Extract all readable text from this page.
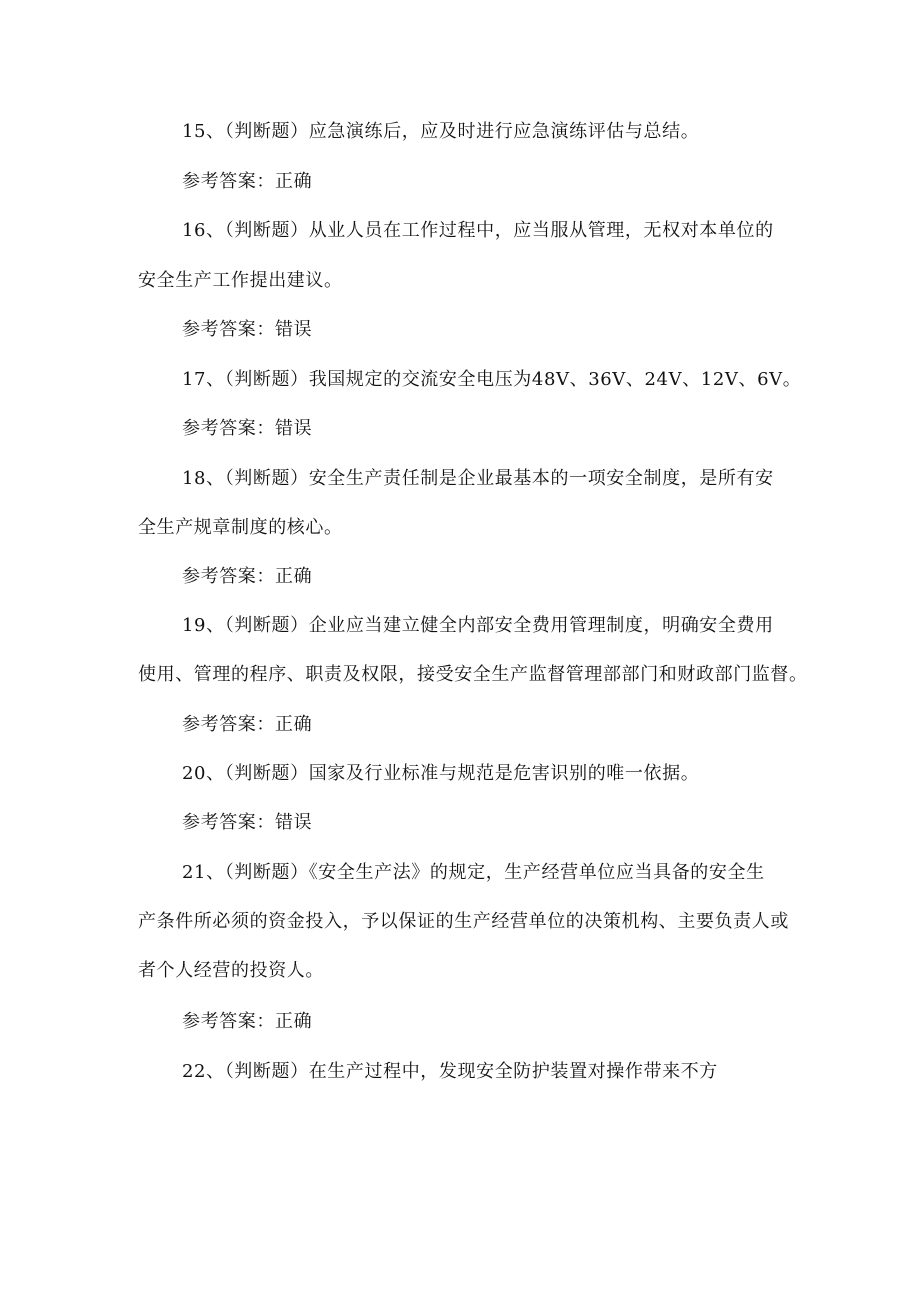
15、（判断题）应急演练后，应及时进行应急演练评估与总结。
参考答案：正确
16、（判断题）从业人员在工作过程中，应当服从管理，无权对本单位的
安全生产工作提出建议。
参考答案：错误
17、（判断题）我国规定的交流安全电压为48V、36V、24V、12V、6V。
参考答案：错误
18、（判断题）安全生产责任制是企业最基本的一项安全制度，是所有安
全生产规章制度的核心。
参考答案：正确
19、（判断题）企业应当建立健全内部安全费用管理制度，明确安全费用
使用、管理的程序、职责及权限，接受安全生产监督管理部部门和财政部门监督。
参考答案：正确
20、（判断题）国家及行业标准与规范是危害识别的唯一依据。
参考答案：错误
21、（判断题）《安全生产法》的规定，生产经营单位应当具备的安全生
产条件所必须的资金投入，予以保证的生产经营单位的决策机构、主要负责人或
者个人经营的投资人。
参考答案：正确
22、（判断题）在生产过程中，发现安全防护装置对操作带来不方
